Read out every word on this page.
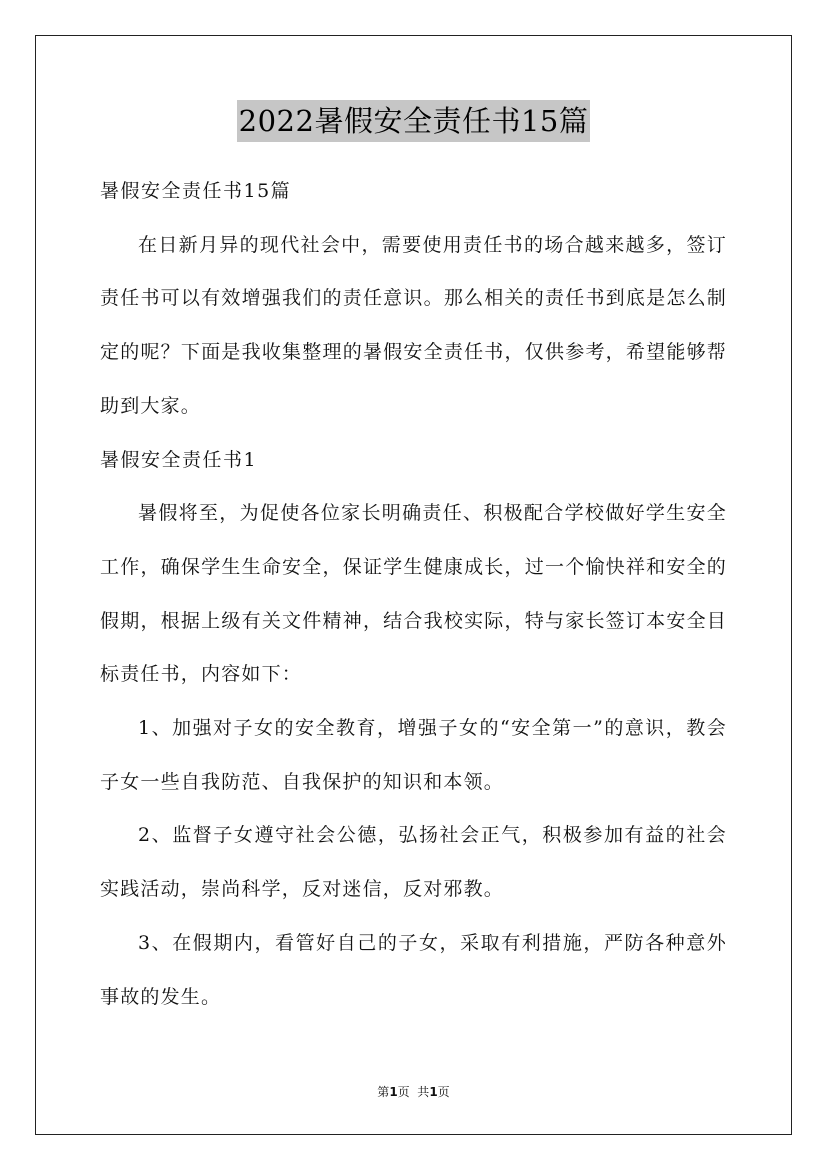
2022暑假安全责任书15篇

暑假安全责任书15篇

在日新月异的现代社会中，需要使用责任书的场合越来越多，签订责任书可以有效增强我们的责任意识。那么相关的责任书到底是怎么制定的呢？下面是我收集整理的暑假安全责任书，仅供参考，希望能够帮助到大家。

暑假安全责任书1

暑假将至，为促使各位家长明确责任、积极配合学校做好学生安全工作，确保学生生命安全，保证学生健康成长，过一个愉快祥和安全的假期，根据上级有关文件精神，结合我校实际，特与家长签订本安全目标责任书，内容如下：

1、加强对子女的安全教育，增强子女的“安全第一”的意识，教会子女一些自我防范、自我保护的知识和本领。

2、监督子女遵守社会公德，弘扬社会正气，积极参加有益的社会实践活动，崇尚科学，反对迷信，反对邪教。

3、在假期内，看管好自己的子女，采取有利措施，严防各种意外事故的发生。

第1页  共1页
